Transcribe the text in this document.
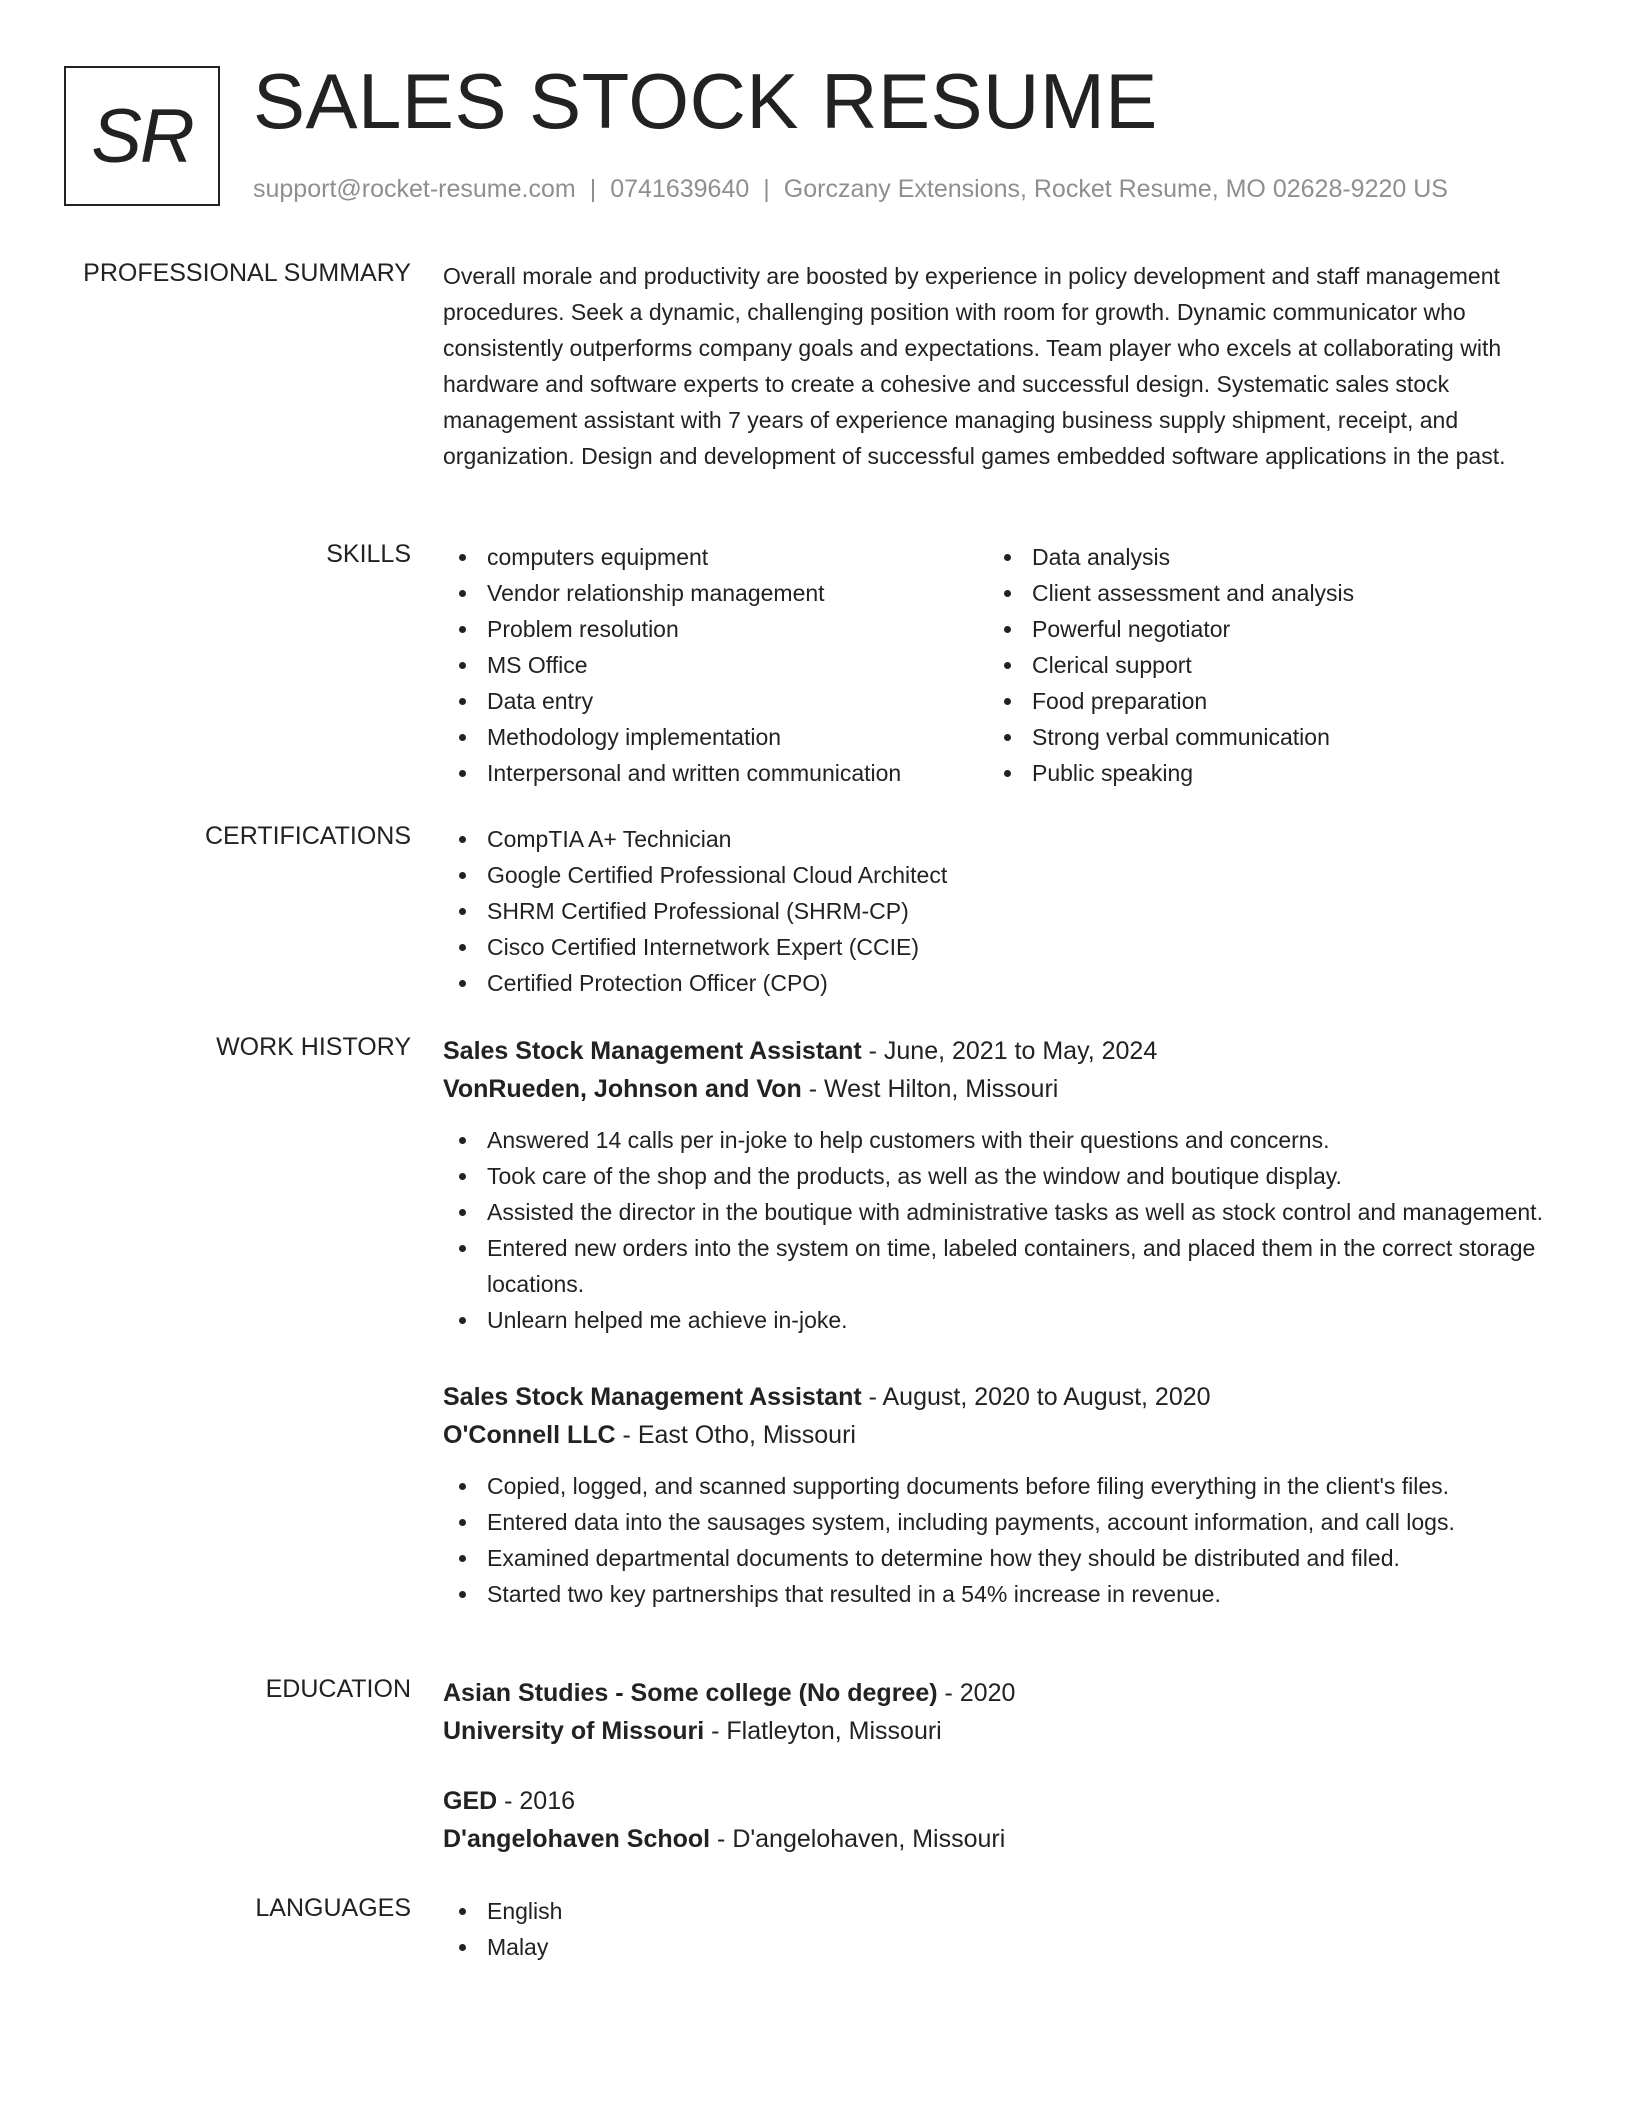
SR SALES STOCK RESUME
support@rocket-resume.com | 0741639640 | Gorczany Extensions, Rocket Resume, MO 02628-9220 US
PROFESSIONAL SUMMARY Overall morale and productivity are boosted by experience in policy development and staff management procedures. Seek a dynamic, challenging position with room for growth. Dynamic communicator who consistently outperforms company goals and expectations. Team player who excels at collaborating with hardware and software experts to create a cohesive and successful design. Systematic sales stock management assistant with 7 years of experience managing business supply shipment, receipt, and organization. Design and development of successful games embedded software applications in the past.

SKILLS	computers equipment
Vendor relationship management
Problem resolution
MS Office
Data entry
Methodology implementation
Interpersonal and written communication
Data analysis
Client assessment and analysis
Powerful negotiator
Clerical support
Food preparation
Strong verbal communication
Public speaking
CERTIFICATIONS	CompTIA A+ Technician
Google Certified Professional Cloud Architect
SHRM Certified Professional (SHRM-CP)
Cisco Certified Internetwork Expert (CCIE)
Certified Protection Officer (CPO)
WORK HISTORY Sales Stock Management Assistant - June, 2021 to May, 2024
VonRueden, Johnson and Von - West Hilton, Missouri
Answered 14 calls per in-joke to help customers with their questions and concerns.
Took care of the shop and the products, as well as the window and boutique display.
Assisted the director in the boutique with administrative tasks as well as stock control and management.
Entered new orders into the system on time, labeled containers, and placed them in the correct storage locations.
Unlearn helped me achieve in-joke.
Sales Stock Management Assistant - August, 2020 to August, 2020
O'Connell LLC - East Otho, Missouri
Copied, logged, and scanned supporting documents before filing everything in the client's files.
Entered data into the sausages system, including payments, account information, and call logs.
Examined departmental documents to determine how they should be distributed and filed.
Started two key partnerships that resulted in a 54% increase in revenue.
EDUCATION Asian Studies - Some college (No degree) - 2020
University of Missouri - Flatleyton, Missouri
GED - 2016
D'angelohaven School - D'angelohaven, Missouri
LANGUAGES	English
Malay
